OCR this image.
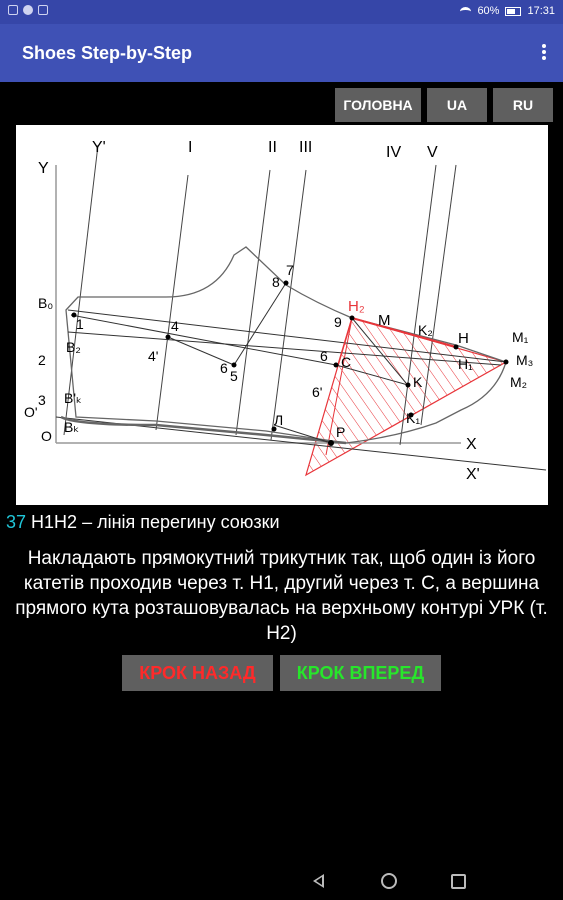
60%	17:31
Shoes Step-by-Step
ГОЛОВНА	UA	RU
Y
Y'	I	II III	IV V
X
X'
O
O'
B₀
B₂
B'ₖ
Bₖ
1
2
3
4
4'
6 5
6
6'
7
8
9
H₂
M
K₂ H
H₁
M₁
M₃
M₂
C
K
K₁
P
Л
37 Н1Н2 – лінія перегину союзки
Накладають прямокутний трикутник так, щоб один із його катетів проходив через т. Н1, другий через т. С, а вершина прямого кута розташовувалась на верхньому контурі УРК (т. Н2)
КРОК НАЗАД	КРОК ВПЕРЕД
